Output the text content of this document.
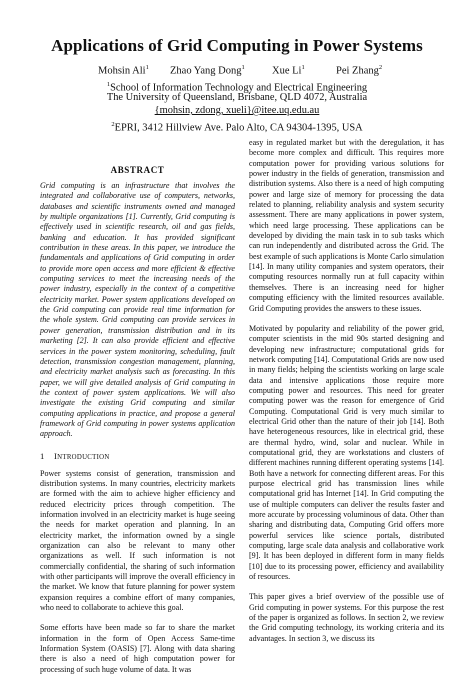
Applications of Grid Computing in Power Systems
Mohsin Ali$^1$ Zhao Yang Dong$^1$	Xue Li$^1$	Pei Zhang$^2$
$^1$School of Information Technology and Electrical Engineering
The University of Queensland, Brisbane, QLD 4072, Australia
{mohsin, zdong, xueli}@itee.uq.edu.au
$^2$EPRI, 3412 Hillview Ave. Palo Alto, CA 94304-1395, USA
ABSTRACT

Grid computing is an infrastructure that involves the integrated and collaborative use of computers, networks, databases and scientific instruments owned and managed by multiple organizations [1]. Currently, Grid computing is effectively used in scientific research, oil and gas fields, banking and education. It has provided significant contribution in these areas. In this paper, we introduce the fundamentals and applications of Grid computing in order to provide more open access and more efficient & effective computing services to meet the increasing needs of the power industry, especially in the context of a competitive electricity market. Power system applications developed on the Grid computing can provide real time information for the whole system. Grid computing can provide services in power generation, transmission distribution and in its marketing [2]. It can also provide efficient and effective services in the power system monitoring, scheduling, fault detection, transmission congestion management, planning, and electricity market analysis such as forecasting. In this paper, we will give detailed analysis of Grid computing in the context of power system applications. We will also investigate the existing Grid computing and similar computing applications in practice, and propose a general framework of Grid computing in power systems application approach.

1 INTRODUCTION

Power systems consist of generation, transmission and distribution systems. In many countries, electricity markets are formed with the aim to achieve higher efficiency and reduced electricity prices through competition. The information involved in an electricity market is huge seeing the needs for market operation and planning. In an electricity market, the information owned by a single organization can also be relevant to many other organizations as well. If such information is not commercially confidential, the sharing of such information with other participants will improve the overall efficiency in the market. We know that future planning for power system expansion requires a combine effort of many companies, who need to collaborate to achieve this goal.

Some efforts have been made so far to share the market information in the form of Open Access Same-time Information System (OASIS) [7]. Along with data sharing there is also a need of high computation power for processing of such huge volume of data. It was

easy in regulated market but with the deregulation, it has become more complex and difficult. This requires more computation power for providing various solutions for power industry in the fields of generation, transmission and distribution systems. Also there is a need of high computing power and large size of memory for processing the data related to planning, reliability analysis and system security assessment. There are many applications in power system, which need large processing. These applications can be developed by dividing the main task in to sub tasks which can run independently and distributed across the Grid. The best example of such applications is Monte Carlo simulation [14]. In many utility companies and system operators, their computing resources normally run at full capacity within themselves. There is an increasing need for higher computing efficiency with the limited resources available. Grid Computing provides the answers to these issues.

Motivated by popularity and reliability of the power grid, computer scientists in the mid 90s started designing and developing new infrastructure; computational grids for network computing [14]. Computational Grids are now used in many fields; helping the scientists working on large scale data and intensive applications those require more computing power and resources. This need for greater computing power was the reason for emergence of Grid Computing. Computational Grid is very much similar to electrical Grid other than the nature of their job [14]. Both have heterogeneous resources, like in electrical grid, these are thermal hydro, wind, solar and nuclear. While in computational grid, they are workstations and clusters of different machines running different operating systems [14]. Both have a network for connecting different areas. For this purpose electrical grid has transmission lines while computational grid has Internet [14]. In Grid computing the use of multiple computers can deliver the results faster and more accurate by processing voluminous of data. Other than sharing and distributing data, Computing Grid offers more powerful services like science portals, distributed computing, large scale data analysis and collaborative work [9]. It has been deployed in different form in many fields [10] due to its processing power, efficiency and availability of resources.

This paper gives a brief overview of the possible use of Grid computing in power systems. For this purpose the rest of the paper is organized as follows. In section 2, we review the Grid computing technology, its working criteria and its advantages. In section 3, we discuss its
